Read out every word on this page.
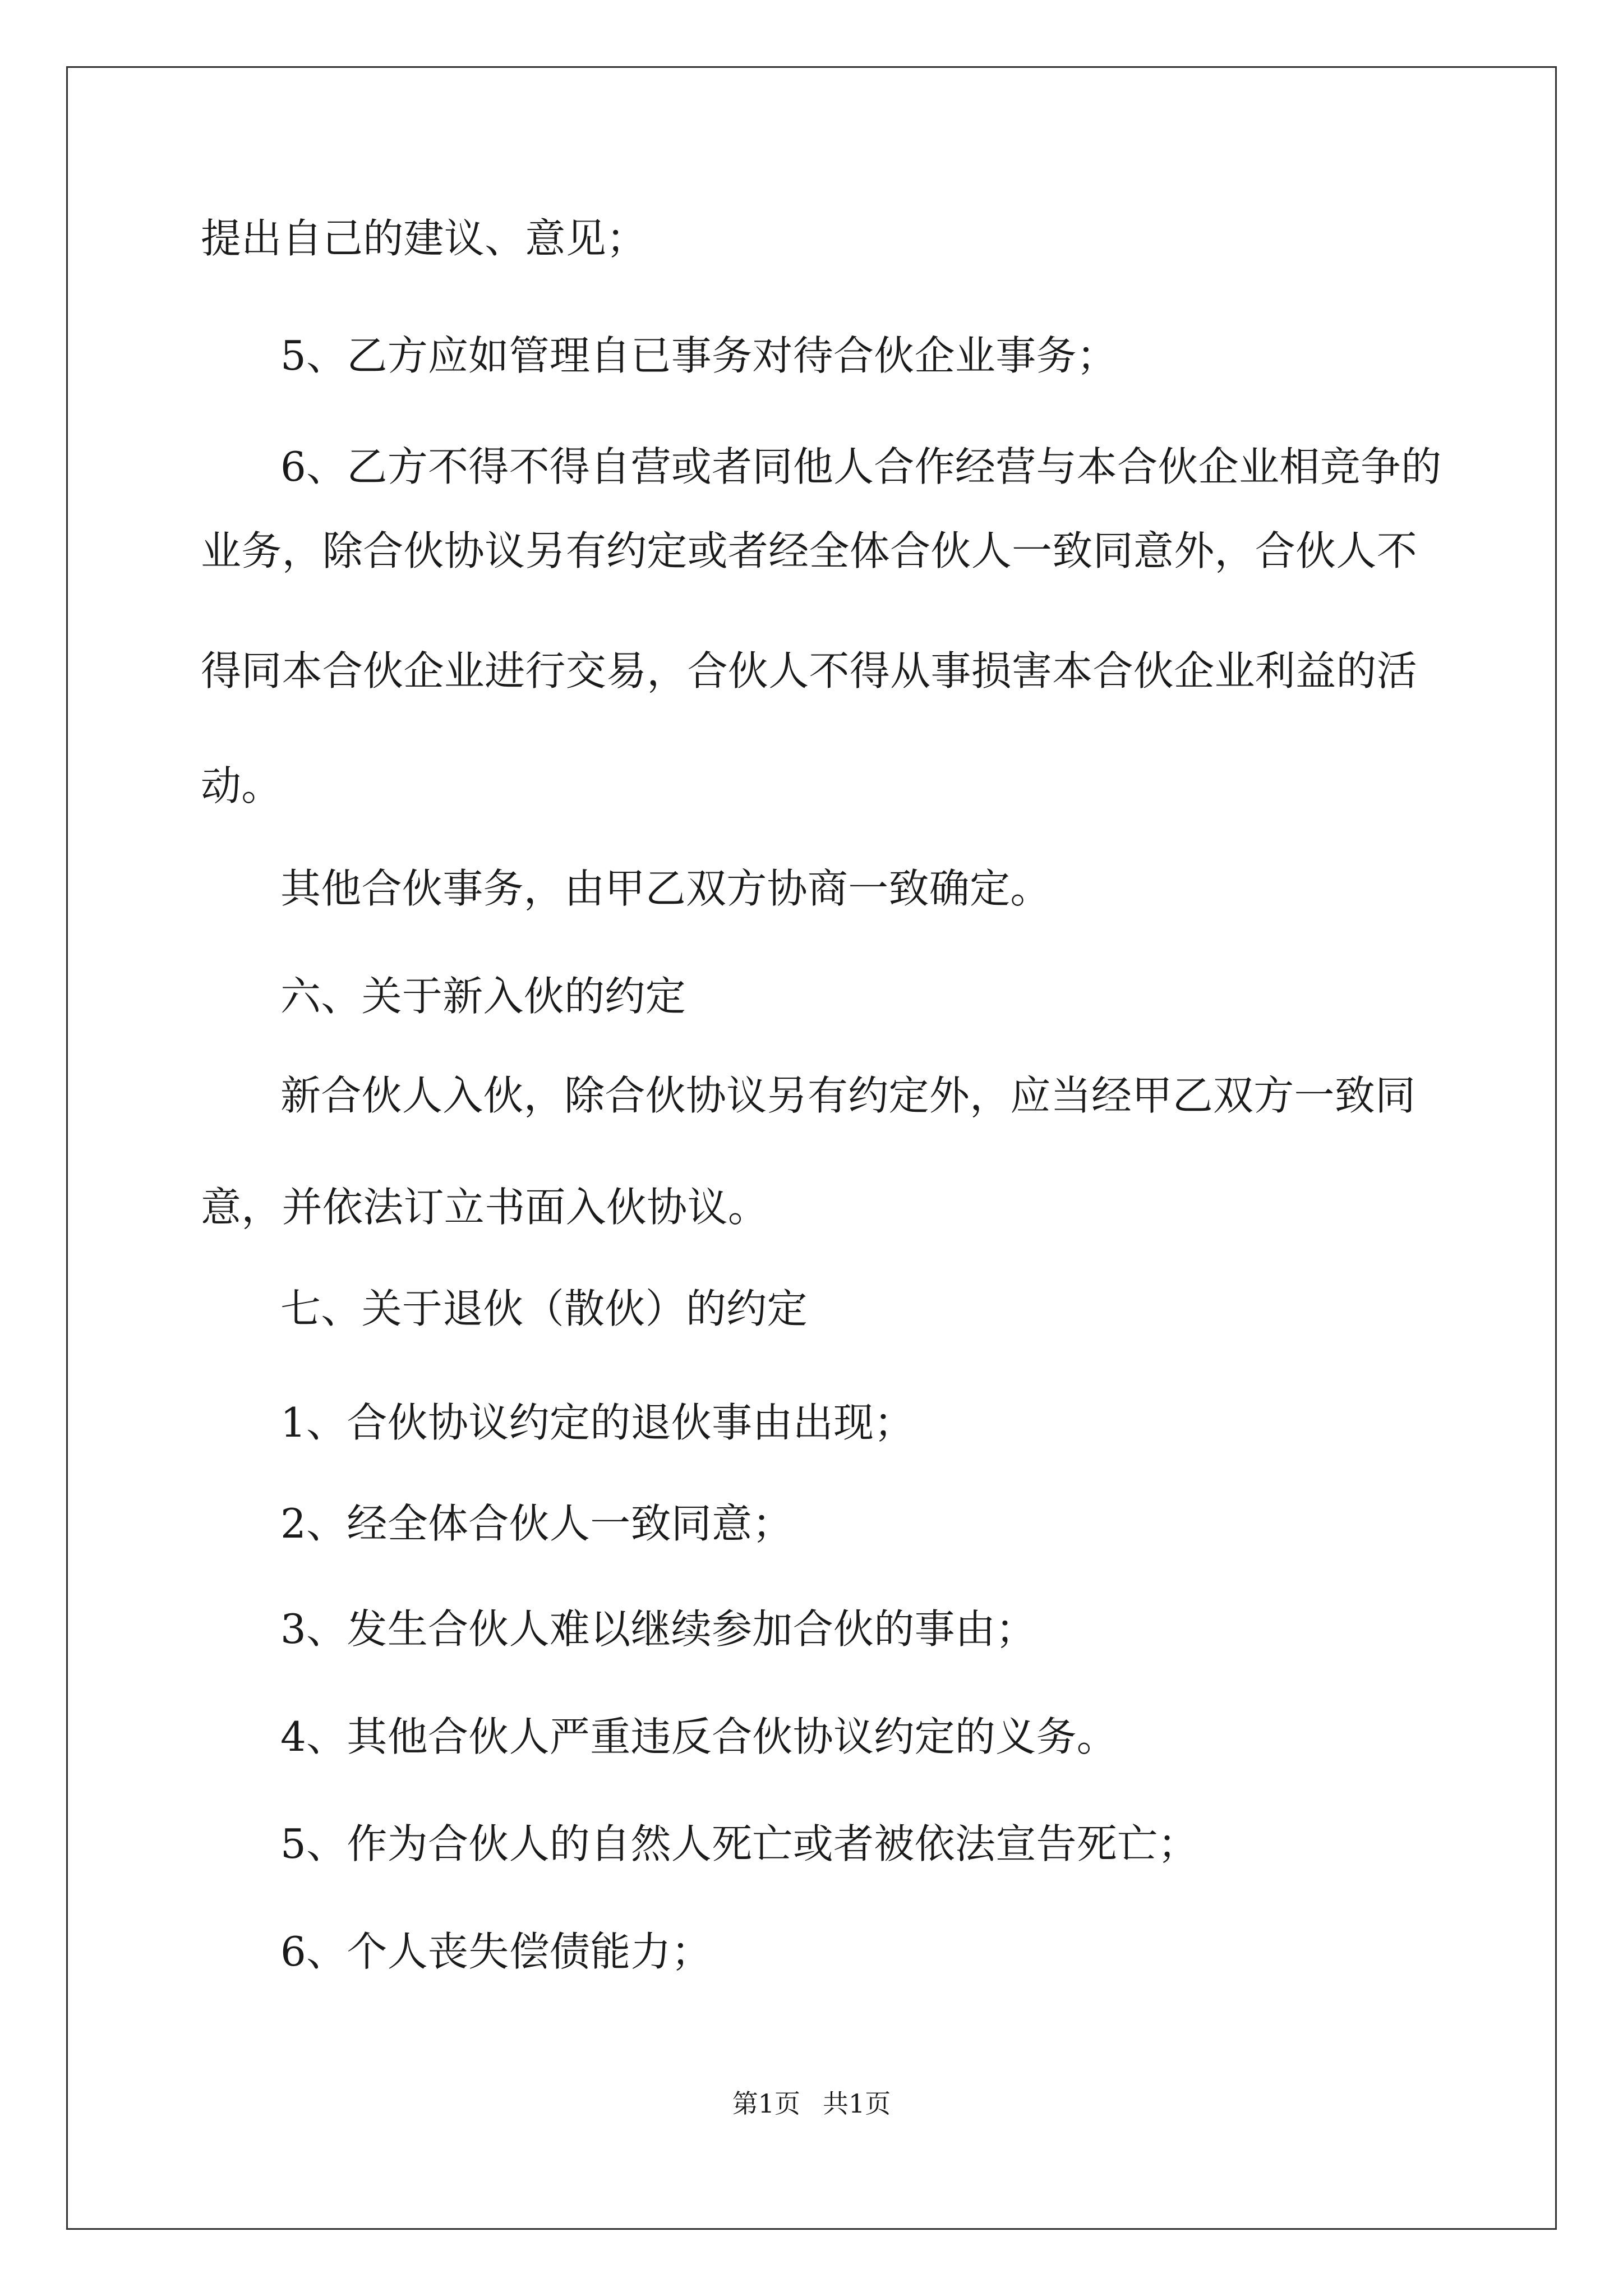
提出自己的建议、意见；
5、乙方应如管理自已事务对待合伙企业事务；
6、乙方不得不得自营或者同他人合作经营与本合伙企业相竞争的
业务，除合伙协议另有约定或者经全体合伙人一致同意外，合伙人不
得同本合伙企业进行交易，合伙人不得从事损害本合伙企业利益的活
动。
其他合伙事务，由甲乙双方协商一致确定。
六、关于新入伙的约定
新合伙人入伙，除合伙协议另有约定外，应当经甲乙双方一致同
意，并依法订立书面入伙协议。
七、关于退伙（散伙）的约定
1、合伙协议约定的退伙事由出现；
2、经全体合伙人一致同意；
3、发生合伙人难以继续参加合伙的事由；
4、其他合伙人严重违反合伙协议约定的义务。
5、作为合伙人的自然人死亡或者被依法宣告死亡；
6、个人丧失偿债能力；
第1页 共1页
